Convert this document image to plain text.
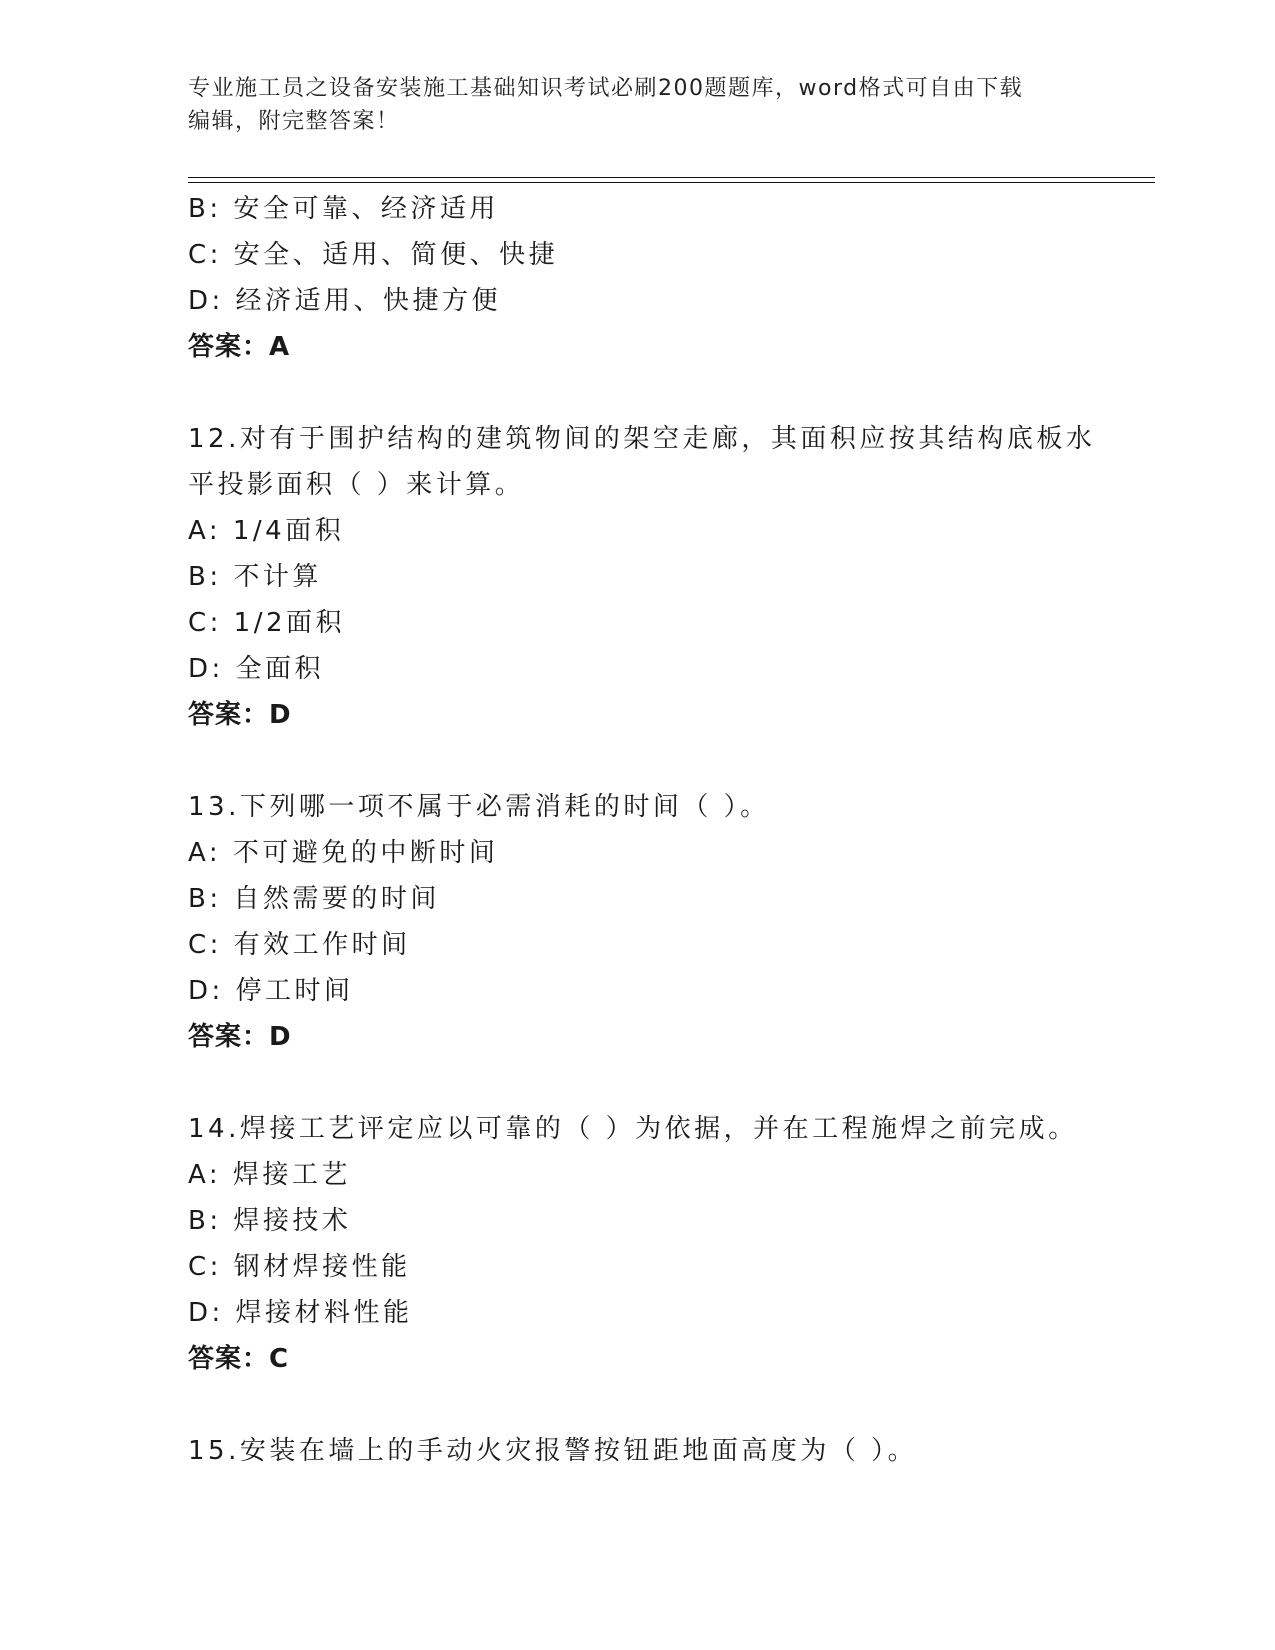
专业施工员之设备安装施工基础知识考试必刷200题题库，word格式可自由下载
编辑，附完整答案！
B: 安全可靠、经济适用
C: 安全、适用、简便、快捷
D: 经济适用、快捷方便
答案：A
12.对有于围护结构的建筑物间的架空走廊，其面积应按其结构底板水
平投影面积（ ）来计算。
A: 1/4面积
B: 不计算
C: 1/2面积
D: 全面积
答案：D
13.下列哪一项不属于必需消耗的时间（ ）。
A: 不可避免的中断时间
B: 自然需要的时间
C: 有效工作时间
D: 停工时间
答案：D
14.焊接工艺评定应以可靠的（ ）为依据，并在工程施焊之前完成。
A: 焊接工艺
B: 焊接技术
C: 钢材焊接性能
D: 焊接材料性能
答案：C
15.安装在墙上的手动火灾报警按钮距地面高度为（ ）。
